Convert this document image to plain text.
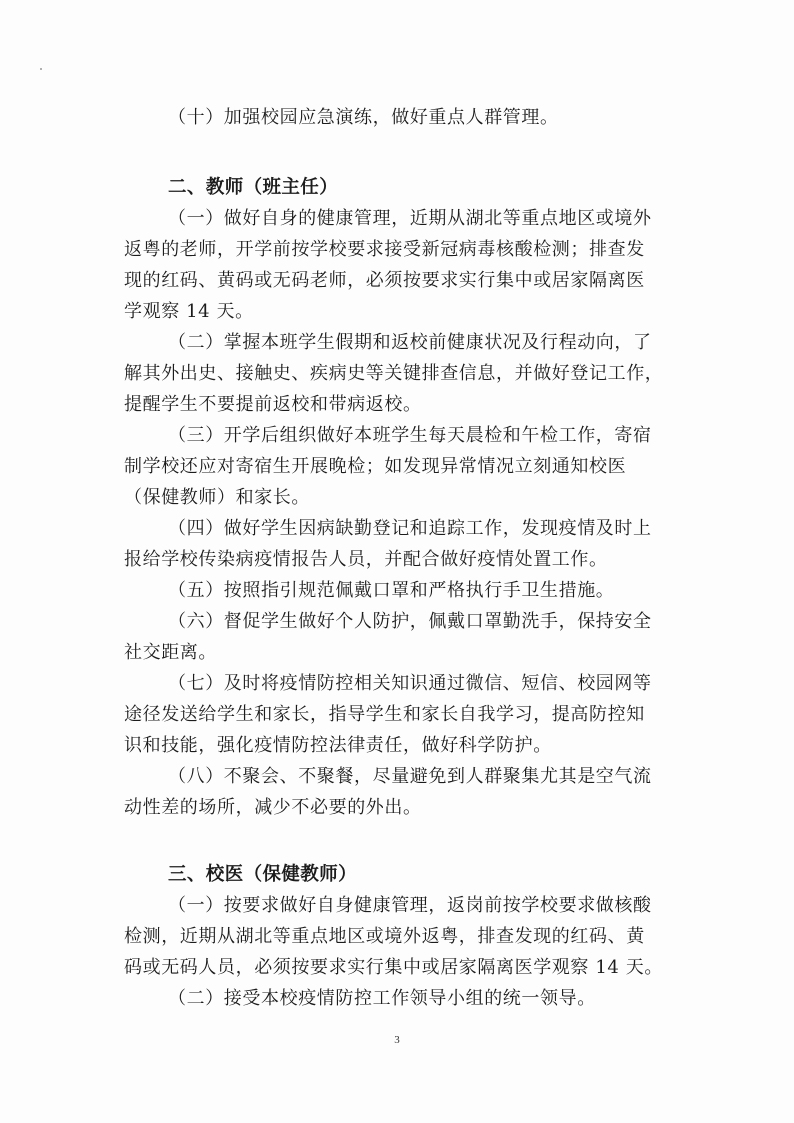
（十）加强校园应急演练，做好重点人群管理。
二、教师（班主任）
（一）做好自身的健康管理，近期从湖北等重点地区或境外
返粤的老师，开学前按学校要求接受新冠病毒核酸检测；排查发
现的红码、黄码或无码老师，必须按要求实行集中或居家隔离医
学观察 14 天。
（二）掌握本班学生假期和返校前健康状况及行程动向，了
解其外出史、接触史、疾病史等关键排查信息，并做好登记工作，
提醒学生不要提前返校和带病返校。
（三）开学后组织做好本班学生每天晨检和午检工作，寄宿
制学校还应对寄宿生开展晚检；如发现异常情况立刻通知校医
（保健教师）和家长。
（四）做好学生因病缺勤登记和追踪工作，发现疫情及时上
报给学校传染病疫情报告人员，并配合做好疫情处置工作。
（五）按照指引规范佩戴口罩和严格执行手卫生措施。
（六）督促学生做好个人防护，佩戴口罩勤洗手，保持安全
社交距离。
（七）及时将疫情防控相关知识通过微信、短信、校园网等
途径发送给学生和家长，指导学生和家长自我学习，提高防控知
识和技能，强化疫情防控法律责任，做好科学防护。
（八）不聚会、不聚餐，尽量避免到人群聚集尤其是空气流
动性差的场所，减少不必要的外出。
三、校医（保健教师）
（一）按要求做好自身健康管理，返岗前按学校要求做核酸
检测，近期从湖北等重点地区或境外返粤，排查发现的红码、黄
码或无码人员，必须按要求实行集中或居家隔离医学观察 14 天。
（二）接受本校疫情防控工作领导小组的统一领导。
3
